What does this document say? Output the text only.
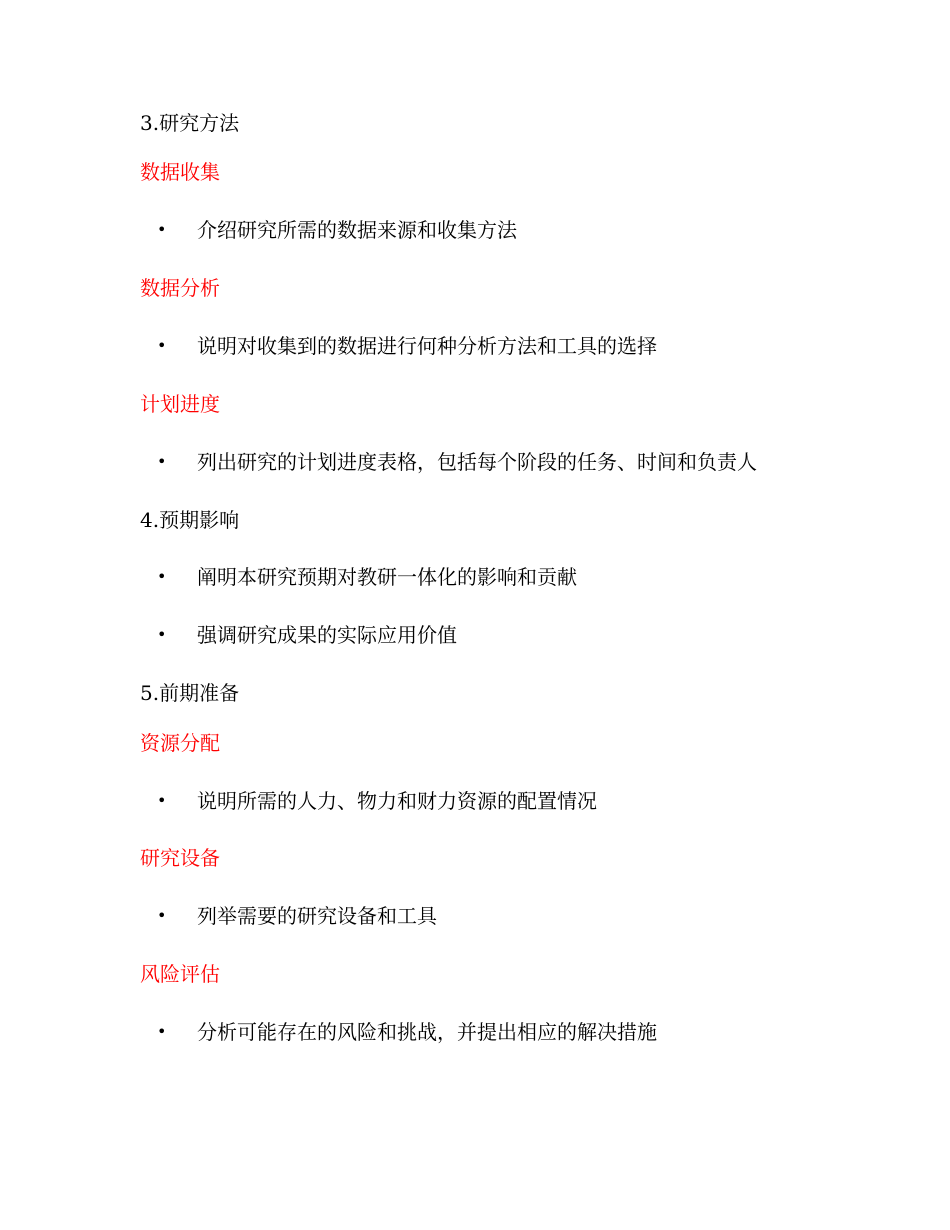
3.研究方法
数据收集
• 介绍研究所需的数据来源和收集方法
数据分析
• 说明对收集到的数据进行何种分析方法和工具的选择
计划进度
• 列出研究的计划进度表格，包括每个阶段的任务、时间和负责人
4.预期影响
• 阐明本研究预期对教研一体化的影响和贡献
• 强调研究成果的实际应用价值
5.前期准备
资源分配
• 说明所需的人力、物力和财力资源的配置情况
研究设备
• 列举需要的研究设备和工具
风险评估
• 分析可能存在的风险和挑战，并提出相应的解决措施
